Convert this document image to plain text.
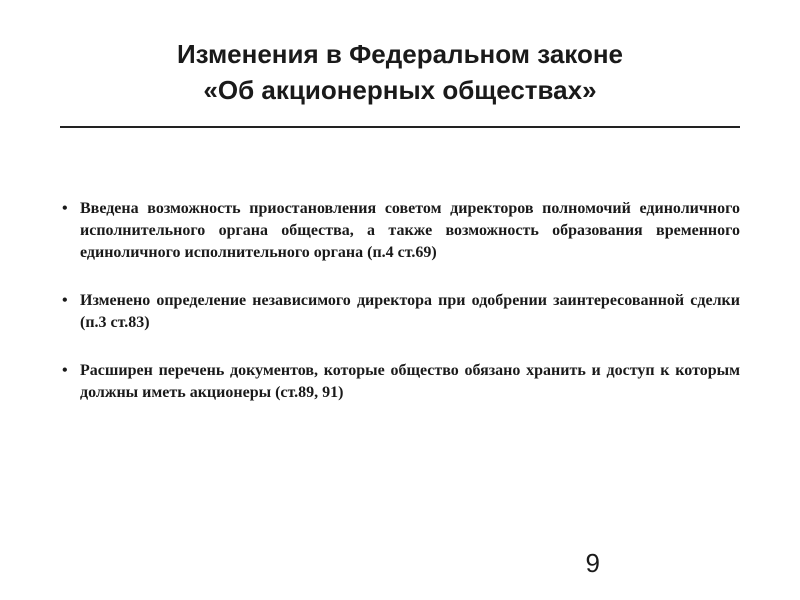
Изменения в Федеральном законе
«Об акционерных обществах»
• Введена возможность приостановления советом директоров полномочий единоличного исполнительного органа общества, а также возможность образования временного единоличного исполнительного органа (п.4 ст.69)
• Изменено определение независимого директора при одобрении заинтересованной сделки (п.3 ст.83)
• Расширен перечень документов, которые общество обязано хранить и доступ к которым должны иметь акционеры (ст.89, 91)
9
